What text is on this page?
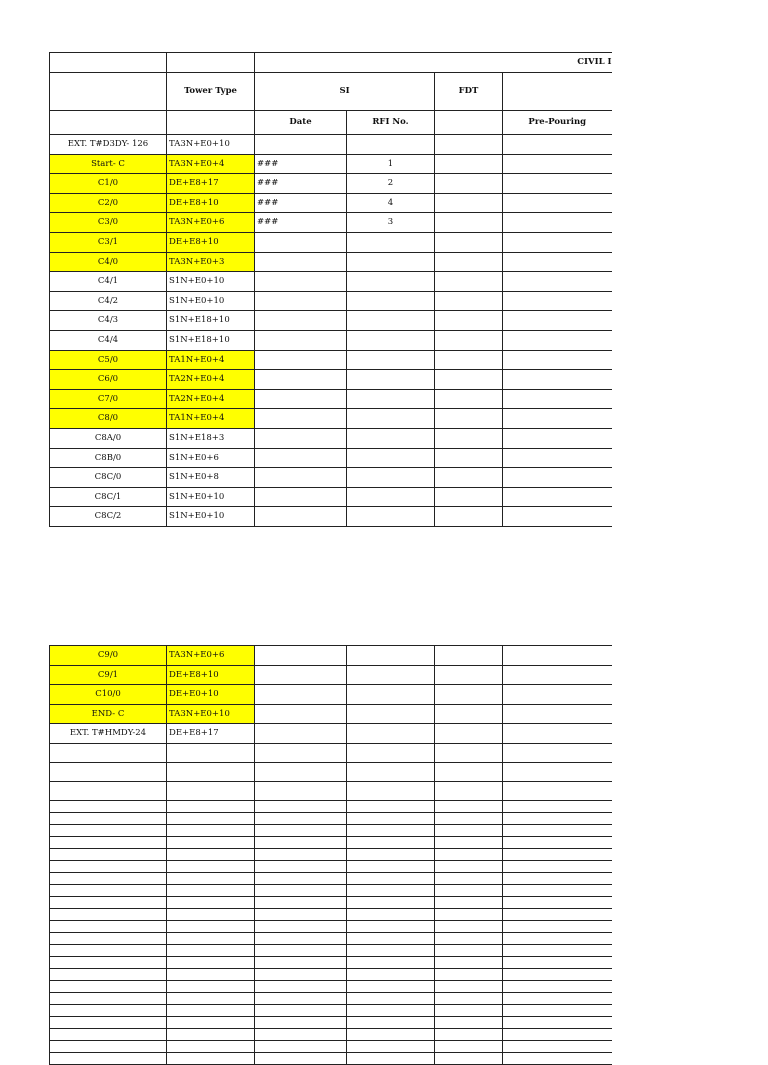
		CIVIL I			
	Tower Type	SI		FDT	
		Date	RFI No.		Pre-Pouring
EXT. T#D3DY- 126	TA3N+E0+10				
Start- C	TA3N+E0+4	###	1		
C1/0	DE+E8+17	###	2		
C2/0	DE+E8+10	###	4		
C3/0	TA3N+E0+6	###	3		
C3/1	DE+E8+10				
C4/0	TA3N+E0+3				
C4/1	S1N+E0+10				
C4/2	S1N+E0+10				
C4/3	S1N+E18+10				
C4/4	S1N+E18+10				
C5/0	TA1N+E0+4				
C6/0	TA2N+E0+4				
C7/0	TA2N+E0+4				
C8/0	TA1N+E0+4				
C8A/0	S1N+E18+3				
C8B/0	S1N+E0+6				
C8C/0	S1N+E0+8				
C8C/1	S1N+E0+10				
C8C/2	S1N+E0+10				
C9/0	TA3N+E0+6				
C9/1	DE+E8+10				
C10/0	DE+E0+10				
END- C	TA3N+E0+10				
EXT. T#HMDY-24	DE+E8+17				
